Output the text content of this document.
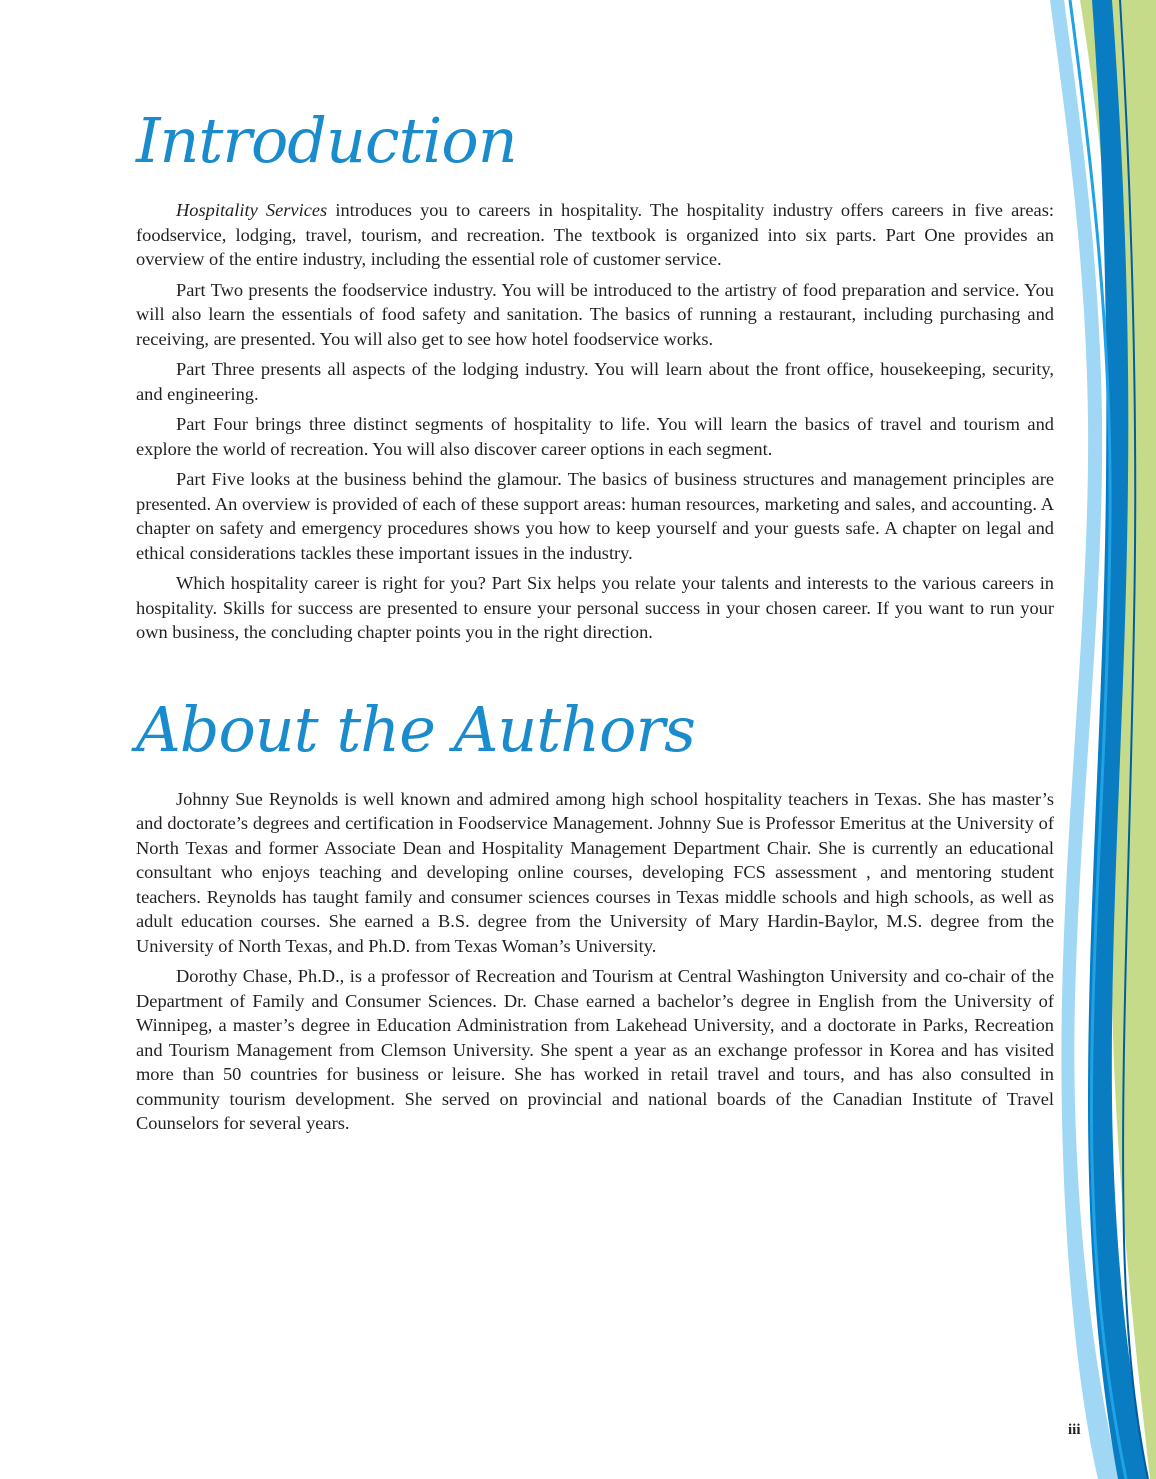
Introduction

Hospitality Services introduces you to careers in hospitality. The hospitality industry offers careers in five areas: foodservice, lodging, travel, tourism, and recreation. The textbook is organized into six parts. Part One provides an overview of the entire industry, including the essential role of customer service.

Part Two presents the foodservice industry. You will be introduced to the artistry of food preparation and service. You will also learn the essentials of food safety and sanitation. The basics of running a restaurant, including purchasing and receiving, are presented. You will also get to see how hotel foodservice works.

Part Three presents all aspects of the lodging industry. You will learn about the front office, housekeeping, security, and engineering.

Part Four brings three distinct segments of hospitality to life. You will learn the basics of travel and tourism and explore the world of recreation. You will also discover career options in each segment.

Part Five looks at the business behind the glamour. The basics of business structures and management principles are presented. An overview is provided of each of these support areas: human resources, marketing and sales, and accounting. A chapter on safety and emergency procedures shows you how to keep yourself and your guests safe. A chapter on legal and ethical considerations tackles these important issues in the industry.

Which hospitality career is right for you? Part Six helps you relate your talents and interests to the various careers in hospitality. Skills for success are presented to ensure your personal success in your chosen career. If you want to run your own business, the concluding chapter points you in the right direction.

About the Authors

Johnny Sue Reynolds is well known and admired among high school hospitality teachers in Texas. She has master’s and doctorate’s degrees and certification in Foodservice Management. Johnny Sue is Professor Emeritus at the University of North Texas and former Associate Dean and Hospitality Management Department Chair. She is currently an educational consultant who enjoys teaching and developing online courses, developing FCS assessment , and mentoring student teachers. Reynolds has taught family and consumer sciences courses in Texas middle schools and high schools, as well as adult education courses. She earned a B.S. degree from the University of Mary Hardin-Baylor, M.S. degree from the University of North Texas, and Ph.D. from Texas Woman’s University.

Dorothy Chase, Ph.D., is a professor of Recreation and Tourism at Central Washington University and co-chair of the Department of Family and Consumer Sciences. Dr. Chase earned a bachelor’s degree in English from the University of Winnipeg, a master’s degree in Education Administration from Lakehead University, and a doctorate in Parks, Recreation and Tourism Management from Clemson University. She spent a year as an exchange professor in Korea and has visited more than 50 countries for business or leisure. She has worked in retail travel and tours, and has also consulted in community tourism development. She served on provincial and national boards of the Canadian Institute of Travel Counselors for several years.

iii
